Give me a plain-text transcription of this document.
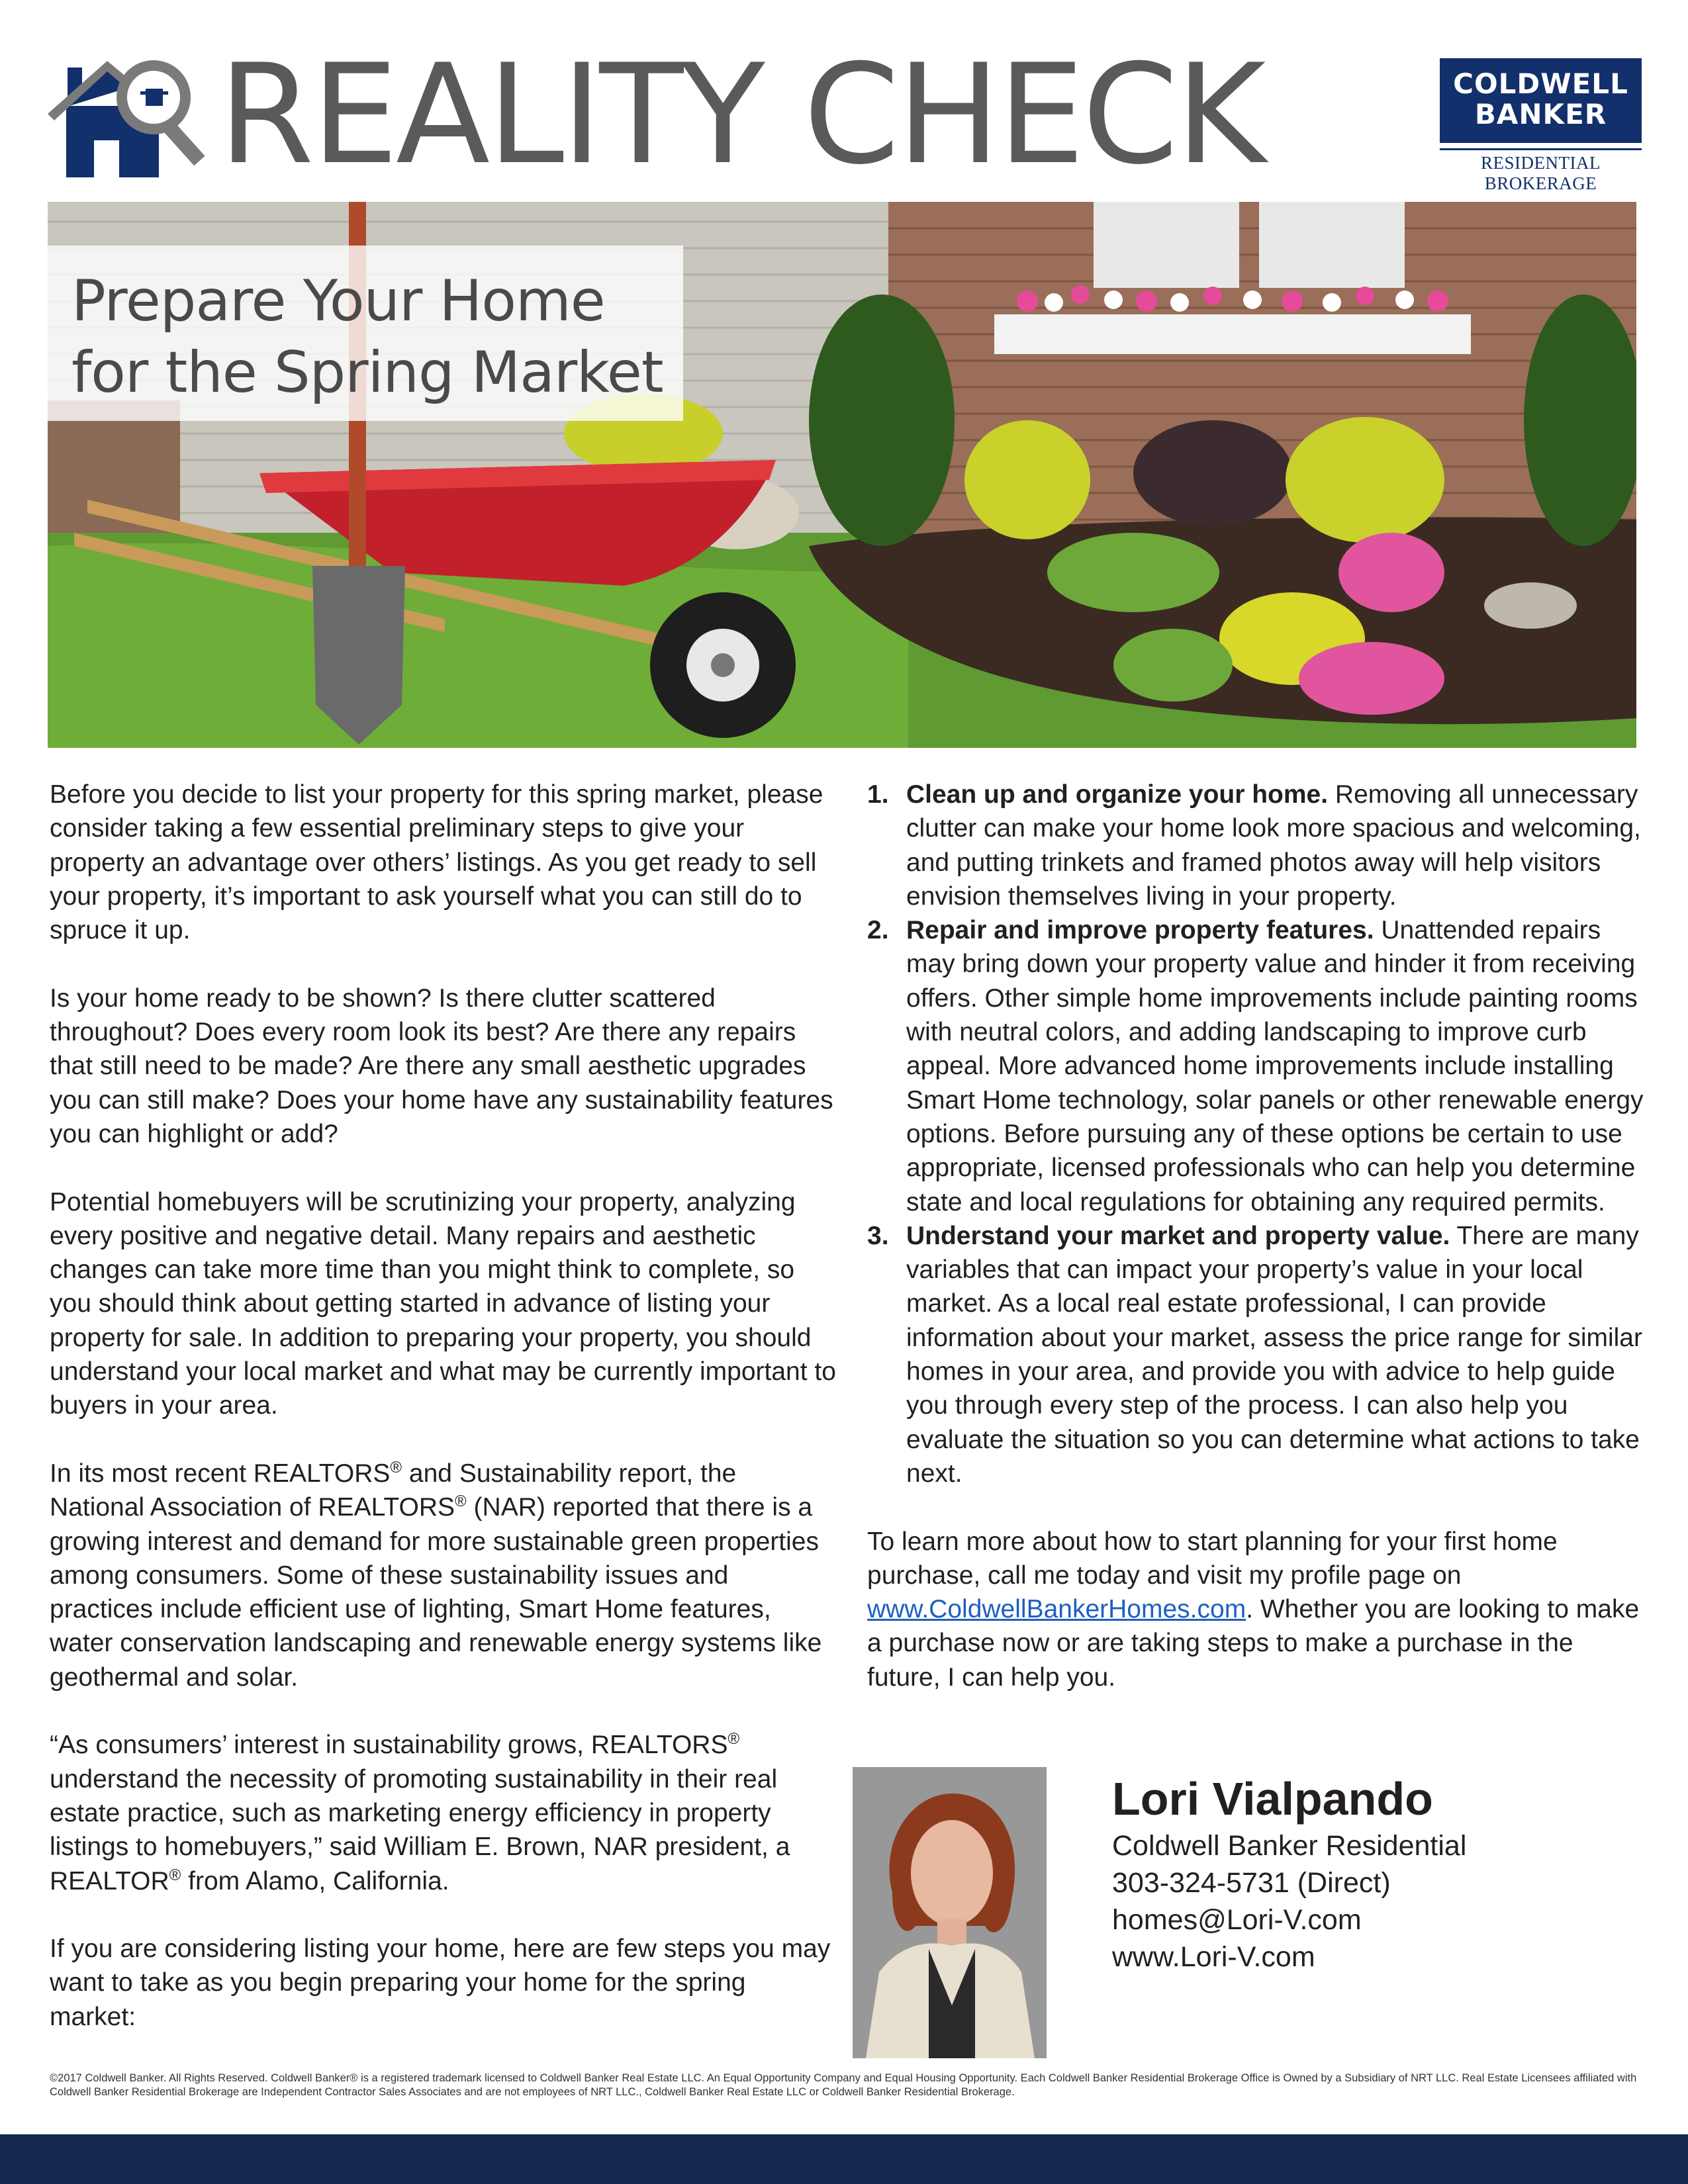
REALITY CHECK	COLDWELL
BANKER
RESIDENTIAL BROKERAGE
Prepare Your Home
for the Spring Market

Before you decide to list your property for this spring market, please consider taking a few essential preliminary steps to give your property an advantage over others’ listings. As you get ready to sell your property, it’s important to ask yourself what you can still do to spruce it up.

Is your home ready to be shown? Is there clutter scattered throughout? Does every room look its best? Are there any repairs that still need to be made? Are there any small aesthetic upgrades you can still make? Does your home have any sustainability features you can highlight or add?

Potential homebuyers will be scrutinizing your property, analyzing every positive and negative detail. Many repairs and aesthetic changes can take more time than you might think to complete, so you should think about getting started in advance of listing your property for sale. In addition to preparing your property, you should understand your local market and what may be currently important to buyers in your area.

In its most recent REALTORS® and Sustainability report, the National Association of REALTORS® (NAR) reported that there is a growing interest and demand for more sustainable green properties among consumers. Some of these sustainability issues and practices include efficient use of lighting, Smart Home features, water conservation landscaping and renewable energy systems like geothermal and solar.

“As consumers’ interest in sustainability grows, REALTORS® understand the necessity of promoting sustainability in their real estate practice, such as marketing energy efficiency in property listings to homebuyers,” said William E. Brown, NAR president, a REALTOR® from Alamo, California.

If you are considering listing your home, here are few steps you may want to take as you begin preparing your home for the spring market:

1. Clean up and organize your home. Removing all unnecessary clutter can make your home look more spacious and welcoming, and putting trinkets and framed photos away will help visitors envision themselves living in your property.
2. Repair and improve property features. Unattended repairs may bring down your property value and hinder it from receiving offers. Other simple home improvements include painting rooms with neutral colors, and adding landscaping to improve curb appeal. More advanced home improvements include installing Smart Home technology, solar panels or other renewable energy options. Before pursuing any of these options be certain to use appropriate, licensed professionals who can help you determine state and local regulations for obtaining any required permits.
3. Understand your market and property value. There are many variables that can impact your property’s value in your local market. As a local real estate professional, I can provide information about your market, assess the price range for similar homes in your area, and provide you with advice to help guide you through every step of the process. I can also help you evaluate the situation so you can determine what actions to take next.

To learn more about how to start planning for your first home purchase, call me today and visit my profile page on www.ColdwellBankerHomes.com. Whether you are looking to make a purchase now or are taking steps to make a purchase in the future, I can help you.

Lori Vialpando

Coldwell Banker Residential
303-324-5731 (Direct)
homes@Lori-V.com
www.Lori-V.com
©2017 Coldwell Banker. All Rights Reserved. Coldwell Banker® is a registered trademark licensed to Coldwell Banker Real Estate LLC. An Equal Opportunity Company and Equal Housing Opportunity. Each Coldwell Banker Residential Brokerage Office is Owned by a Subsidiary of NRT LLC. Real Estate Licensees affiliated with Coldwell Banker Residential Brokerage are Independent Contractor Sales Associates and are not employees of NRT LLC., Coldwell Banker Real Estate LLC or Coldwell Banker Residential Brokerage.
